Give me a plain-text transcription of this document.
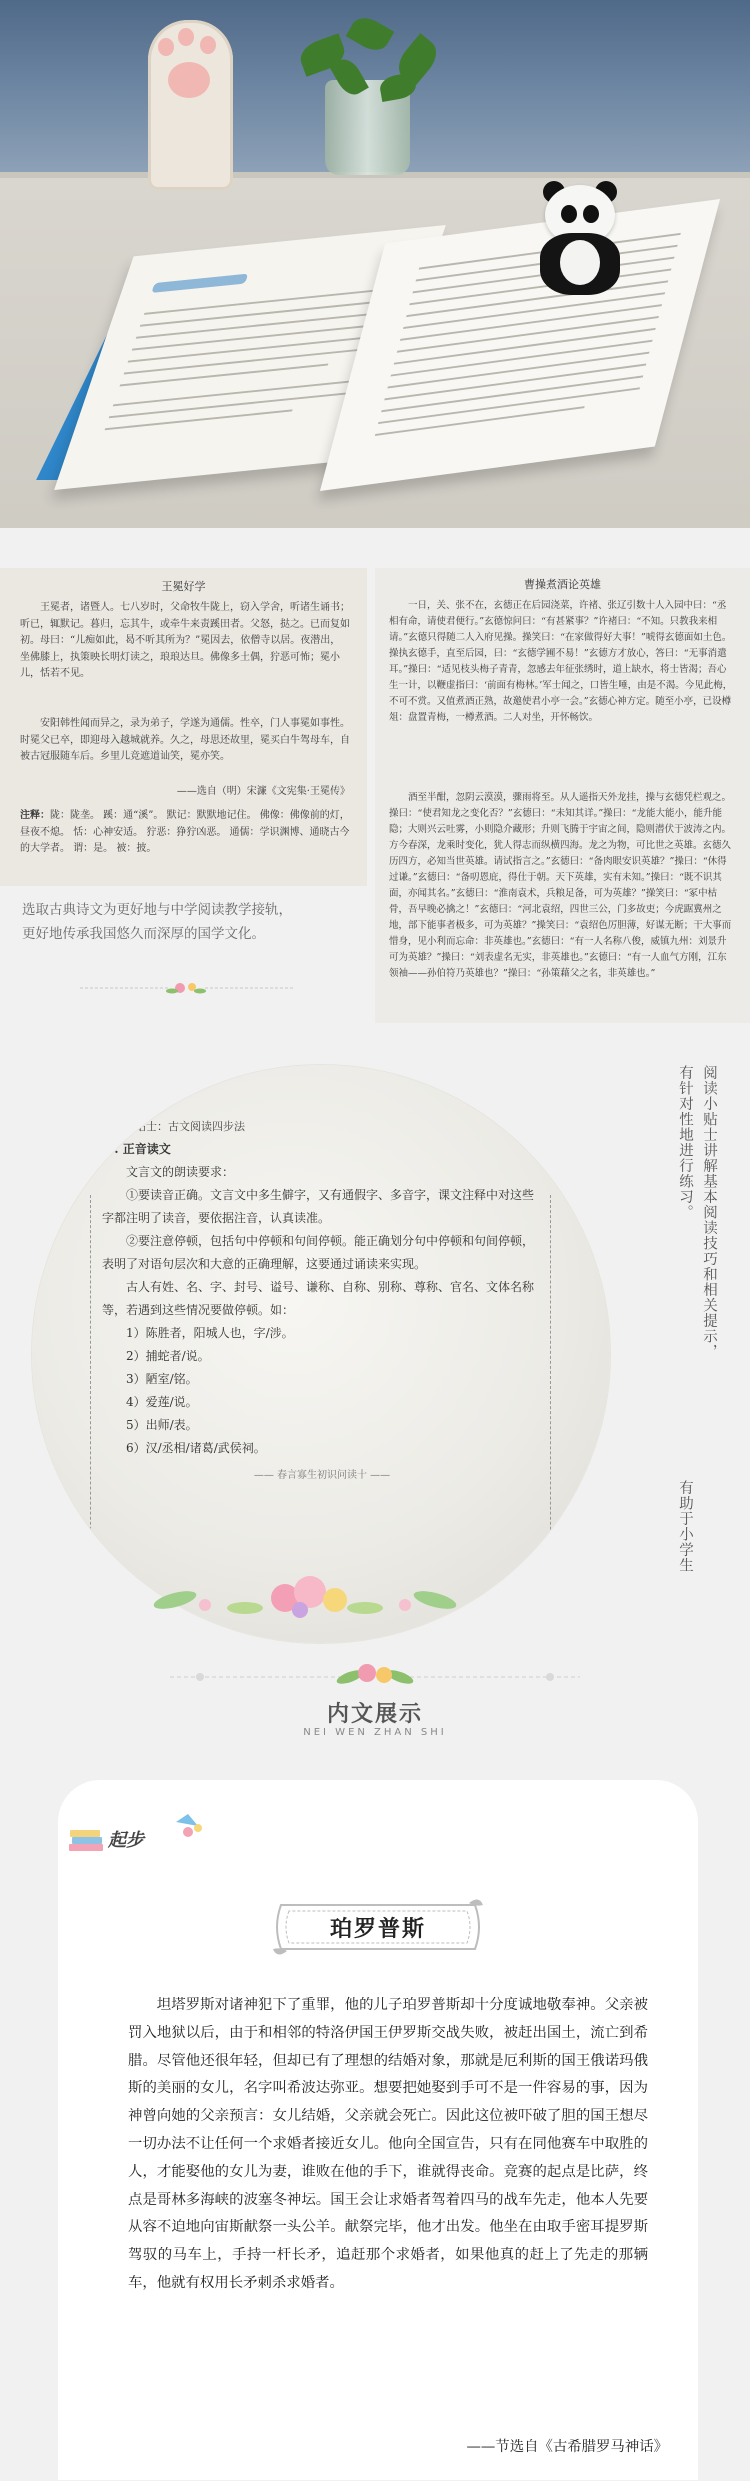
王冕好学
王冕者，诸暨人。七八岁时，父命牧牛陇上，窃入学舍，听诸生诵书；听已，辄默记。暮归，忘其牛，或牵牛来责蹊田者。父怒，挞之。已而复如初。母曰：“儿痴如此，曷不听其所为？”冕因去，依僧寺以居。夜潜出，坐佛膝上，执策映长明灯读之，琅琅达旦。佛像多土偶，狞恶可怖；冕小儿，恬若不见。
安阳韩性闻而异之，录为弟子，学遂为通儒。性卒，门人事冕如事性。时冕父已卒，即迎母入越城就养。久之，母思还故里，冕买白牛驾母车，自被古冠服随车后。乡里儿竞遮道讪笑，冕亦笑。
——选自（明）宋濂《文宪集·王冕传》
注释：陇：陇垄。 蹊：通“溪”。 默记：默默地记住。 佛像：佛像前的灯，昼夜不熄。 恬：心神安适。 狞恶：狰狞凶恶。 通儒：学识渊博、通晓古今的大学者。 谓：是。 被：披。
曹操煮酒论英雄
一日，关、张不在，玄德正在后园浇菜，许褚、张辽引数十人入园中曰：“丞相有命，请使君便行。”玄德惊问曰：“有甚紧事？”许褚曰：“不知。只教我来相请。”玄德只得随二人入府见操。操笑曰：“在家做得好大事！”唬得玄德面如土色。操执玄德手，直至后园，曰：“玄德学圃不易！”玄德方才放心，答曰：“无事消遣耳。”操曰：“适见枝头梅子青青，忽感去年征张绣时，道上缺水，将士皆渴；吾心生一计，以鞭虚指曰：‘前面有梅林。’军士闻之，口皆生唾，由是不渴。今见此梅，不可不赏。又值煮酒正熟，故邀使君小亭一会。”玄德心神方定。随至小亭，已设樽俎：盘置青梅，一樽煮酒。二人对坐，开怀畅饮。
酒至半酣，忽阴云漠漠，骤雨将至。从人遥指天外龙挂，操与玄德凭栏观之。操曰：“使君知龙之变化否？”玄德曰：“未知其详。”操曰：“龙能大能小，能升能隐；大则兴云吐雾，小则隐介藏形；升则飞腾于宇宙之间，隐则潜伏于波涛之内。方今春深，龙乘时变化，犹人得志而纵横四海。龙之为物，可比世之英雄。玄德久历四方，必知当世英雄。请试指言之。”玄德曰：“备肉眼安识英雄？”操曰：“休得过谦。”玄德曰：“备叨恩庇，得仕于朝。天下英雄，实有未知。”操曰：“既不识其面，亦闻其名。”玄德曰：“淮南袁术，兵粮足备，可为英雄？”操笑曰：“冢中枯骨，吾早晚必擒之！”玄德曰：“河北袁绍，四世三公，门多故吏；今虎踞冀州之地，部下能事者极多，可为英雄？”操笑曰：“袁绍色厉胆薄，好谋无断；干大事而惜身，见小利而忘命：非英雄也。”玄德曰：“有一人名称八俊，威镇九州：刘景升可为英雄？”操曰：“刘表虚名无实，非英雄也。”玄德曰：“有一人血气方刚，江东领袖——孙伯符乃英雄也？”操曰：“孙策藉父之名，非英雄也。”
选取古典诗文为更好地与中学阅读教学接轨，
更好地传承我国悠久而深厚的国学文化。
阅读小贴士：古文阅读四步法
1. 正音读文
文言文的朗读要求：
①要读音正确。文言文中多生僻字，又有通假字、多音字，课文注释中对这些字都注明了读音，要依据注音，认真读准。
②要注意停顿，包括句中停顿和句间停顿。能正确划分句中停顿和句间停顿，表明了对语句层次和大意的正确理解，这要通过诵读来实现。
古人有姓、名、字、封号、谥号、谦称、自称、别称、尊称、官名、文体名称等，若遇到这些情况要做停顿。如：
1）陈胜者，阳城人也，字/涉。
2）捕蛇者/说。
3）陋室/铭。
4）爱莲/说。
5）出师/表。
6）汉/丞相/诸葛/武侯祠。
—— 春言寡生初识问读十 ——
阅读小贴士讲解基本阅读技巧和相关提示，
有针对性地进行练习。
有助于小学生
内文展示
NEI WEN ZHAN SHI
起步
珀罗普斯

坦塔罗斯对诸神犯下了重罪，他的儿子珀罗普斯却十分度诚地敬奉神。父亲被罚入地狱以后，由于和相邻的特洛伊国王伊罗斯交战失败，被赶出国土，流亡到希腊。尽管他还很年轻，但却已有了理想的结婚对象，那就是厄利斯的国王俄诺玛俄斯的美丽的女儿，名字叫希波达弥亚。想要把她娶到手可不是一件容易的事，因为神曾向她的父亲预言：女儿结婚，父亲就会死亡。因此这位被吓破了胆的国王想尽一切办法不让任何一个求婚者接近女儿。他向全国宣告，只有在同他赛车中取胜的人，才能娶他的女儿为妻，谁败在他的手下，谁就得丧命。竞赛的起点是比萨，终点是哥林多海峡的波塞冬神坛。国王会让求婚者驾着四马的战车先走，他本人先要从容不迫地向宙斯献祭一头公羊。献祭完毕，他才出发。他坐在由取手密耳提罗斯驾驭的马车上，手持一杆长矛，追赶那个求婚者，如果他真的赶上了先走的那辆车，他就有权用长矛刺杀求婚者。

——节选自《古希腊罗马神话》
